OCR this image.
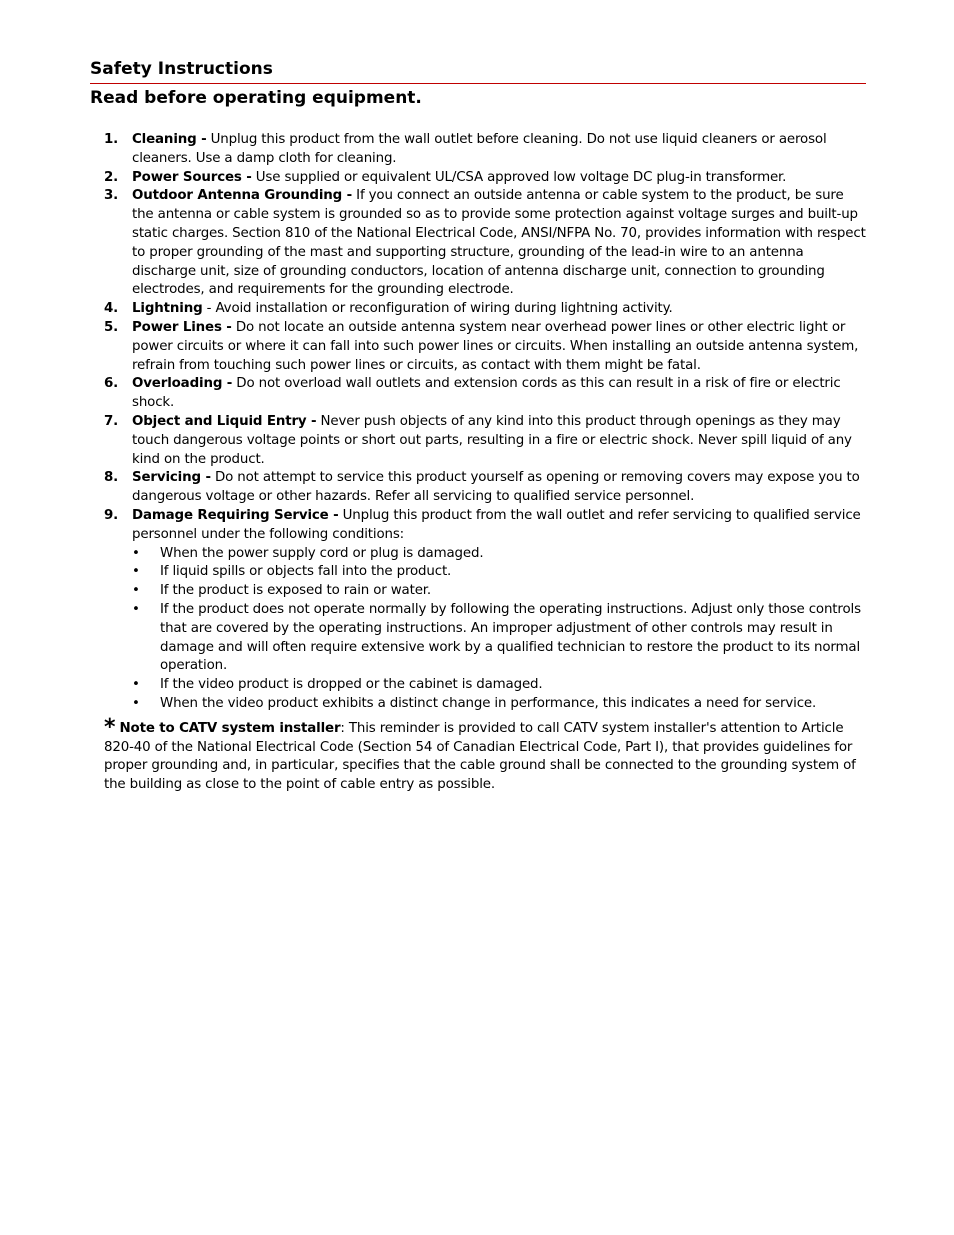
Safety Instructions
Read before operating equipment.
1. Cleaning - Unplug this product from the wall outlet before cleaning. Do not use liquid cleaners or aerosol cleaners. Use a damp cloth for cleaning.
2. Power Sources - Use supplied or equivalent UL/CSA approved low voltage DC plug-in transformer.
3. Outdoor Antenna Grounding - If you connect an outside antenna or cable system to the product, be sure the antenna or cable system is grounded so as to provide some protection against voltage surges and built-up static charges. Section 810 of the National Electrical Code, ANSI/NFPA No. 70, provides information with respect to proper grounding of the mast and supporting structure, grounding of the lead-in wire to an antenna discharge unit, size of grounding conductors, location of antenna discharge unit, connection to grounding electrodes, and requirements for the grounding electrode.
4. Lightning - Avoid installation or reconfiguration of wiring during lightning activity.
5. Power Lines - Do not locate an outside antenna system near overhead power lines or other electric light or power circuits or where it can fall into such power lines or circuits. When installing an outside antenna system, refrain from touching such power lines or circuits, as contact with them might be fatal.
6. Overloading - Do not overload wall outlets and extension cords as this can result in a risk of fire or electric shock.
7. Object and Liquid Entry - Never push objects of any kind into this product through openings as they may touch dangerous voltage points or short out parts, resulting in a fire or electric shock. Never spill liquid of any kind on the product.
8. Servicing - Do not attempt to service this product yourself as opening or removing covers may expose you to dangerous voltage or other hazards. Refer all servicing to qualified service personnel.
9. Damage Requiring Service - Unplug this product from the wall outlet and refer servicing to qualified service personnel under the following conditions:
• When the power supply cord or plug is damaged.
• If liquid spills or objects fall into the product.
• If the product is exposed to rain or water.
• If the product does not operate normally by following the operating instructions. Adjust only those controls that are covered by the operating instructions. An improper adjustment of other controls may result in damage and will often require extensive work by a qualified technician to restore the product to its normal operation.
• If the video product is dropped or the cabinet is damaged.
• When the video product exhibits a distinct change in performance, this indicates a need for service.

* Note to CATV system installer: This reminder is provided to call CATV system installer's attention to Article 820-40 of the National Electrical Code (Section 54 of Canadian Electrical Code, Part I), that provides guidelines for proper grounding and, in particular, specifies that the cable ground shall be connected to the grounding system of the building as close to the point of cable entry as possible.
